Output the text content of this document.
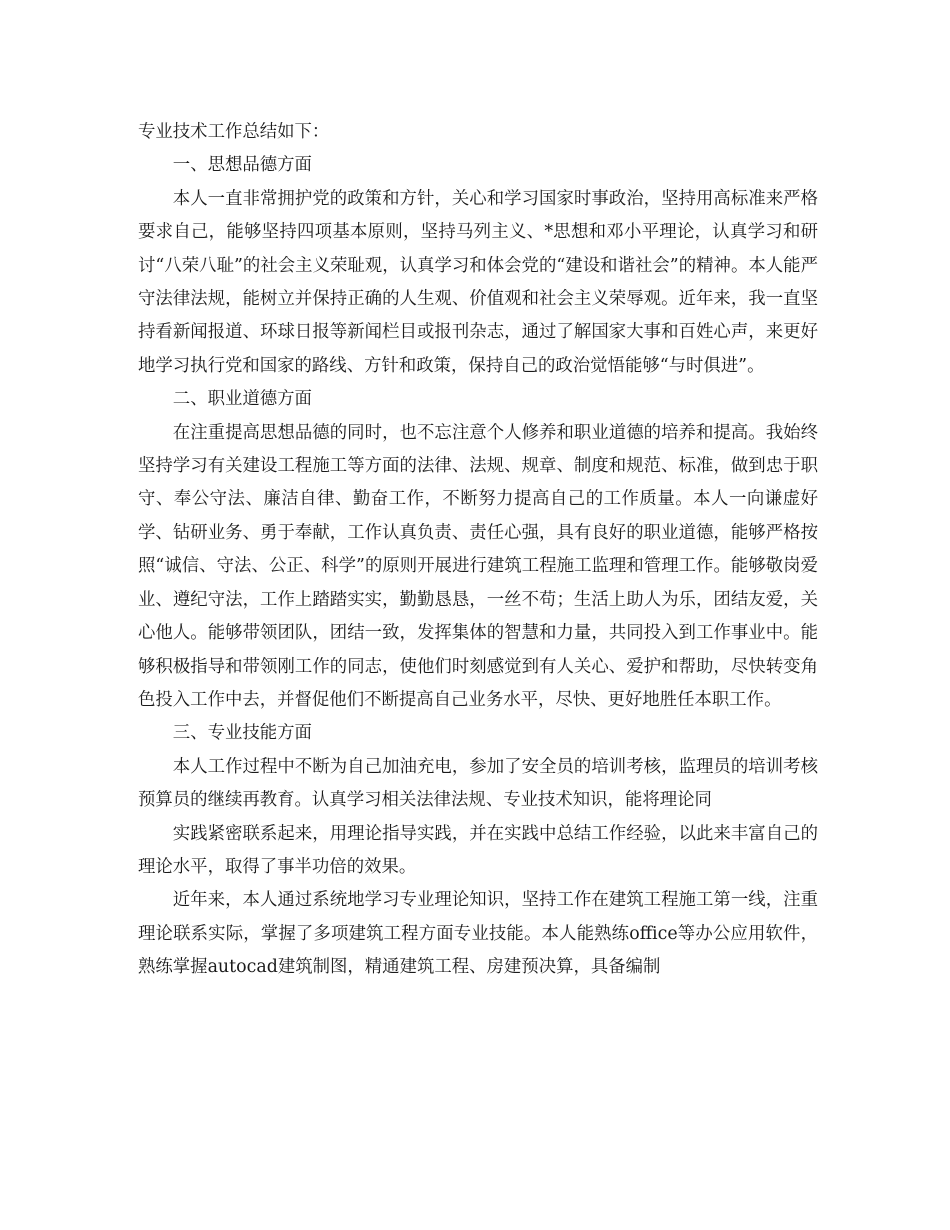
专业技术工作总结如下：

一、思想品德方面

本人一直非常拥护党的政策和方针，关心和学习国家时事政治，坚持用高标准来严格要求自己，能够坚持四项基本原则，坚持马列主义、*思想和邓小平理论，认真学习和研讨“八荣八耻”的社会主义荣耻观，认真学习和体会党的“建设和谐社会”的精神。本人能严守法律法规，能树立并保持正确的人生观、价值观和社会主义荣辱观。近年来，我一直坚持看新闻报道、环球日报等新闻栏目或报刊杂志，通过了解国家大事和百姓心声，来更好地学习执行党和国家的路线、方针和政策，保持自己的政治觉悟能够“与时俱进”。

二、职业道德方面

在注重提高思想品德的同时，也不忘注意个人修养和职业道德的培养和提高。我始终坚持学习有关建设工程施工等方面的法律、法规、规章、制度和规范、标准，做到忠于职守、奉公守法、廉洁自律、勤奋工作，不断努力提高自己的工作质量。本人一向谦虚好学、钻研业务、勇于奉献，工作认真负责、责任心强，具有良好的职业道德，能够严格按照“诚信、守法、公正、科学”的原则开展进行建筑工程施工监理和管理工作。能够敬岗爱业、遵纪守法，工作上踏踏实实，勤勤恳恳，一丝不苟；生活上助人为乐，团结友爱，关心他人。能够带领团队，团结一致，发挥集体的智慧和力量，共同投入到工作事业中。能够积极指导和带领刚工作的同志，使他们时刻感觉到有人关心、爱护和帮助，尽快转变角色投入工作中去，并督促他们不断提高自己业务水平，尽快、更好地胜任本职工作。

三、专业技能方面

本人工作过程中不断为自己加油充电，参加了安全员的培训考核，监理员的培训考核预算员的继续再教育。认真学习相关法律法规、专业技术知识，能将理论同

实践紧密联系起来，用理论指导实践，并在实践中总结工作经验，以此来丰富自己的理论水平，取得了事半功倍的效果。

近年来，本人通过系统地学习专业理论知识，坚持工作在建筑工程施工第一线，注重理论联系实际，掌握了多项建筑工程方面专业技能。本人能熟练office等办公应用软件，熟练掌握autocad建筑制图，精通建筑工程、房建预决算，具备编制
